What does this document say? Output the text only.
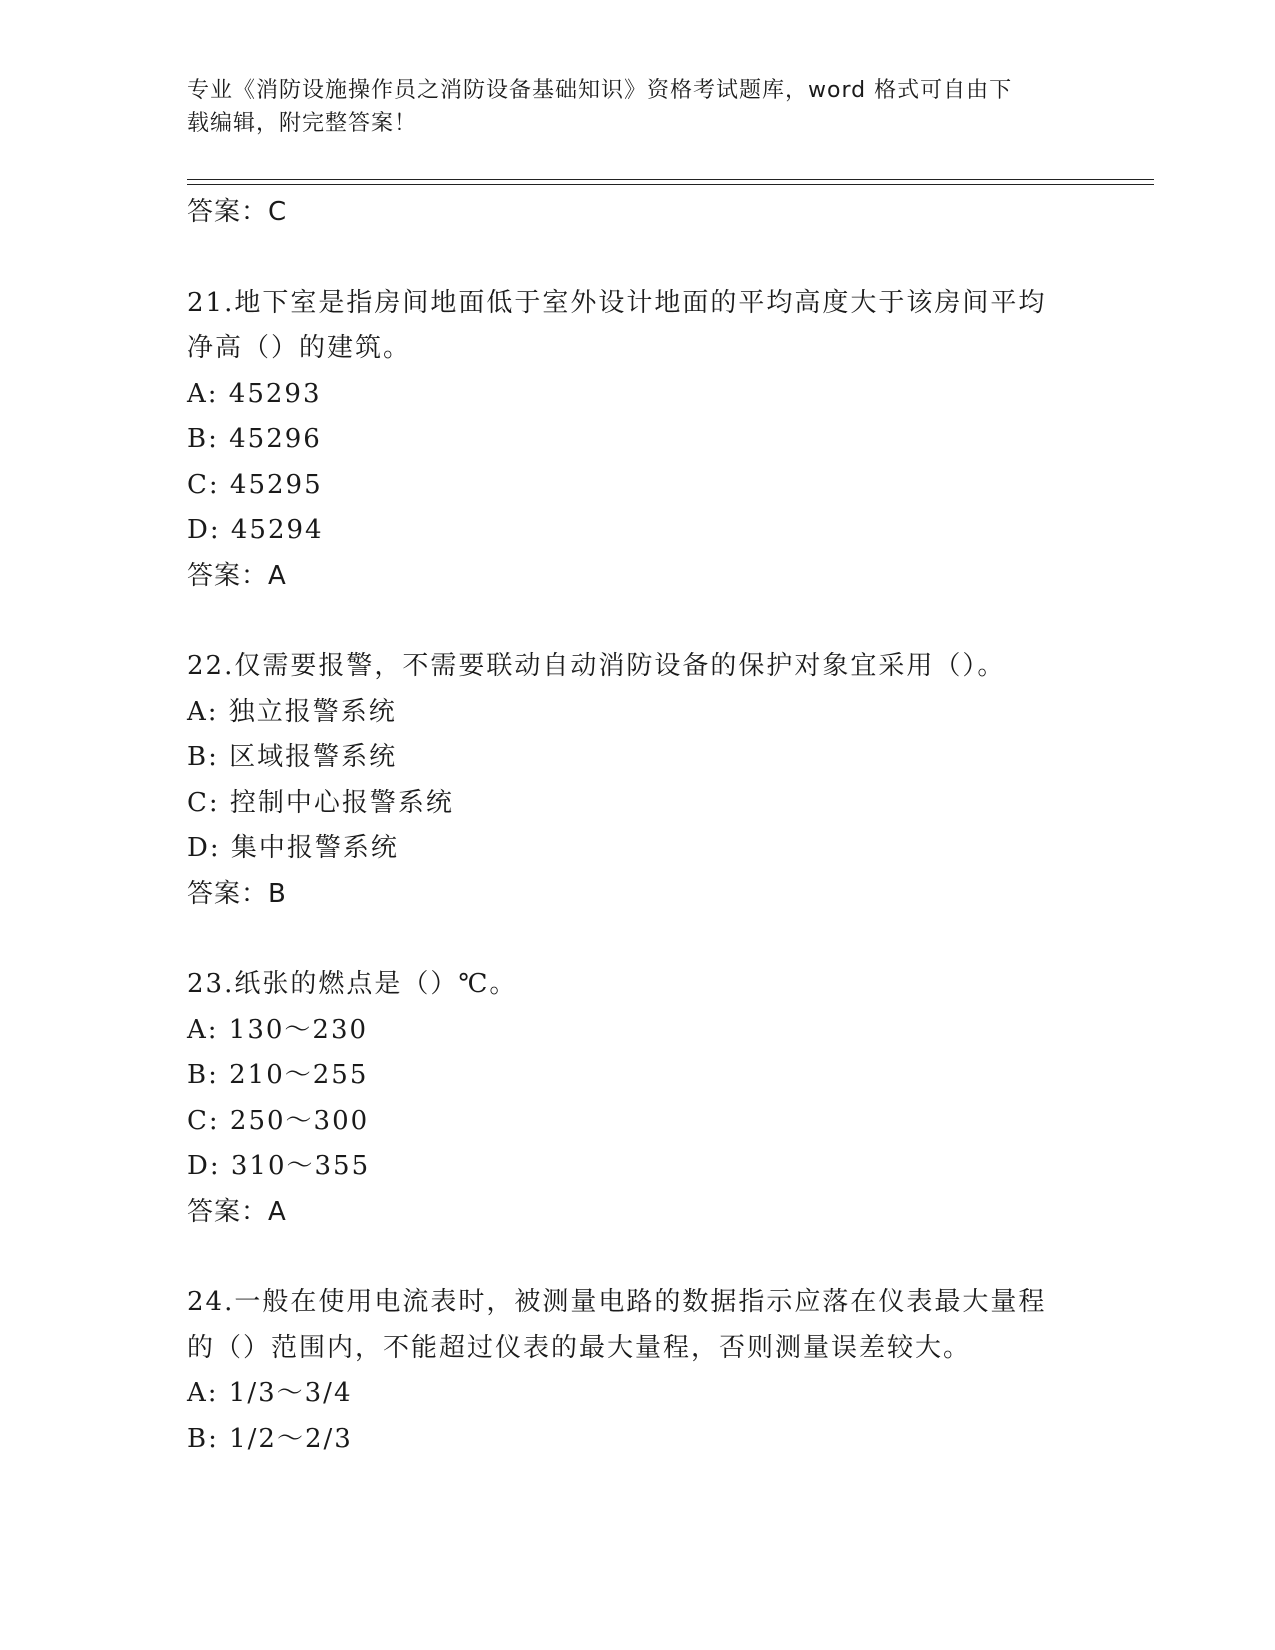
专业《消防设施操作员之消防设备基础知识》资格考试题库，word 格式可自由下
载编辑，附完整答案！
答案：C
21.地下室是指房间地面低于室外设计地面的平均高度大于该房间平均
净高（）的建筑。
A: 45293
B: 45296
C: 45295
D: 45294
答案：A
22.仅需要报警，不需要联动自动消防设备的保护对象宜采用（）。
A: 独立报警系统
B: 区域报警系统
C: 控制中心报警系统
D: 集中报警系统
答案：B
23.纸张的燃点是（）℃。
A: 130～230
B: 210～255
C: 250～300
D: 310～355
答案：A
24.一般在使用电流表时，被测量电路的数据指示应落在仪表最大量程
的（）范围内，不能超过仪表的最大量程，否则测量误差较大。
A: 1/3～3/4
B: 1/2～2/3
